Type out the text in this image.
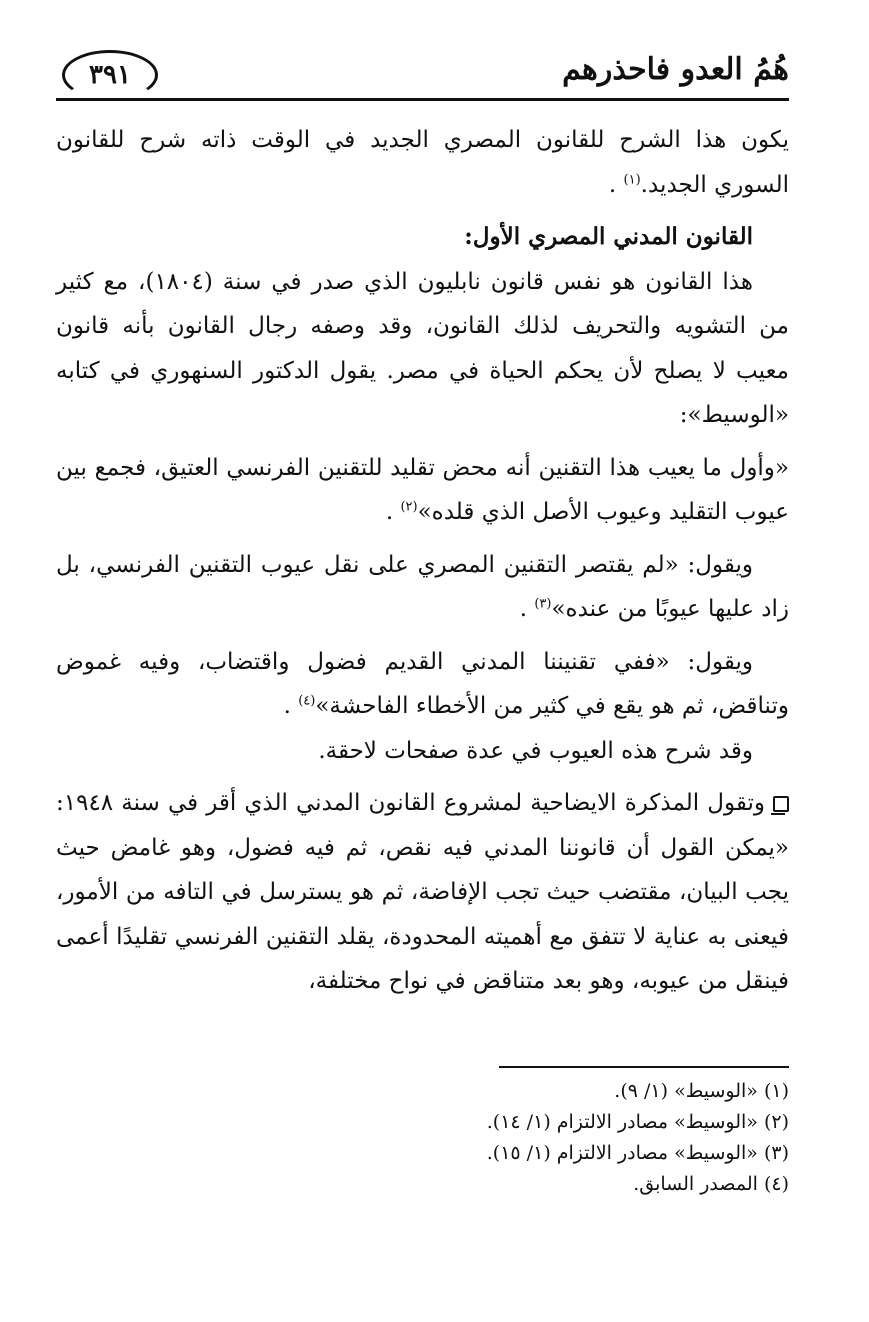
هُمُ العدو فاحذرهم
٣٩١

يكون هذا الشرح للقانون المصري الجديد في الوقت ذاته شرح للقانون السوري الجديد.$^{(١)}$ .

القانون المدني المصري الأول:

هذا القانون هو نفس قانون نابليون الذي صدر في سنة (١٨٠٤)، مع كثير من التشويه والتحريف لذلك القانون، وقد وصفه رجال القانون بأنه قانون معيب لا يصلح لأن يحكم الحياة في مصر. يقول الدكتور السنهوري في كتابه «الوسيط»:

«وأول ما يعيب هذا التقنين أنه محض تقليد للتقنين الفرنسي العتيق، فجمع بين عيوب التقليد وعيوب الأصل الذي قلده»$^{(٢)}$ .

ويقول: «لم يقتصر التقنين المصري على نقل عيوب التقنين الفرنسي، بل زاد عليها عيوبًا من عنده»$^{(٣)}$ .

ويقول: «ففي تقنيننا المدني القديم فضول واقتضاب، وفيه غموض وتناقض، ثم هو يقع في كثير من الأخطاء الفاحشة»$^{(٤)}$ .

وقد شرح هذه العيوب في عدة صفحات لاحقة.

وتقول المذكرة الايضاحية لمشروع القانون المدني الذي أقر في سنة ١٩٤٨: «يمكن القول أن قانوننا المدني فيه نقص، ثم فيه فضول، وهو غامض حيث يجب البيان، مقتضب حيث تجب الإفاضة، ثم هو يسترسل في التافه من الأمور، فيعنى به عناية لا تتفق مع أهميته المحدودة، يقلد التقنين الفرنسي تقليدًا أعمى فينقل من عيوبه، وهو بعد متناقض في نواح مختلفة،

(١) «الوسيط» (١/ ٩).
(٢) «الوسيط» مصادر الالتزام (١/ ١٤).
(٣) «الوسيط» مصادر الالتزام (١/ ١٥).
(٤) المصدر السابق.
